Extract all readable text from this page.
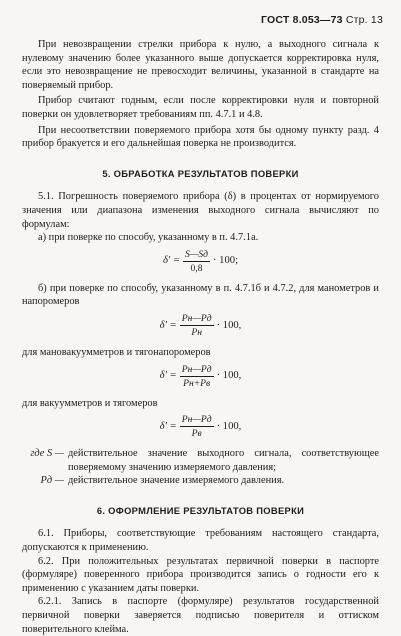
ГОСТ 8.053—73 Стр. 13

При невозвращении стрелки прибора к нулю, а выходного сигнала к нулевому значению более указанного выше допускается корректировка нуля, если это невозвращение не превосходит величины, указанной в стандарте на поверяемый прибор.

Прибор считают годным, если после корректировки нуля и повторной поверки он удовлетворяет требованиям пп. 4.7.1 и 4.8.

При несоответствии поверяемого прибора хотя бы одному пункту разд. 4 прибор бракуется и его дальнейшая поверка не производится.

5. ОБРАБОТКА РЕЗУЛЬТАТОВ ПОВЕРКИ

5.1. Погрешность поверяемого прибора (δ) в процентах от нормируемого значения или диапазона изменения выходного сигнала вычисляют по формулам:

а) при поверке по способу, указанному в п. 4.7.1а.

$\delta' = \frac{S—Sд}{0,8} \cdot 100$;

б) при поверке по способу, указанному в п. 4.7.1б и 4.7.2, для манометров и напоромеров

$\delta' = \frac{Pн—Pд}{Pн} \cdot 100$,

для мановакуумметров и тягонапоромеров

$\delta' = \frac{Pн—Pд}{Pн+Pв} \cdot 100$,

для вакуумметров и тягомеров

$\delta' = \frac{Pн—Pд}{Pв} \cdot 100$,
где S — действительное значение выходного сигнала, соответствующее поверяемому значению измеряемого давления;
Pд — действительное значение измеряемого давления.
6. ОФОРМЛЕНИЕ РЕЗУЛЬТАТОВ ПОВЕРКИ

6.1. Приборы, соответствующие требованиям настоящего стандарта, допускаются к применению.

6.2. При положительных результатах первичной поверки в паспорте (формуляре) поверенного прибора производится запись о годности его к применению с указанием даты поверки.

6.2.1. Запись в паспорте (формуляре) результатов государственной первичной поверки заверяется подписью поверителя и оттиском поверительного клейма.
